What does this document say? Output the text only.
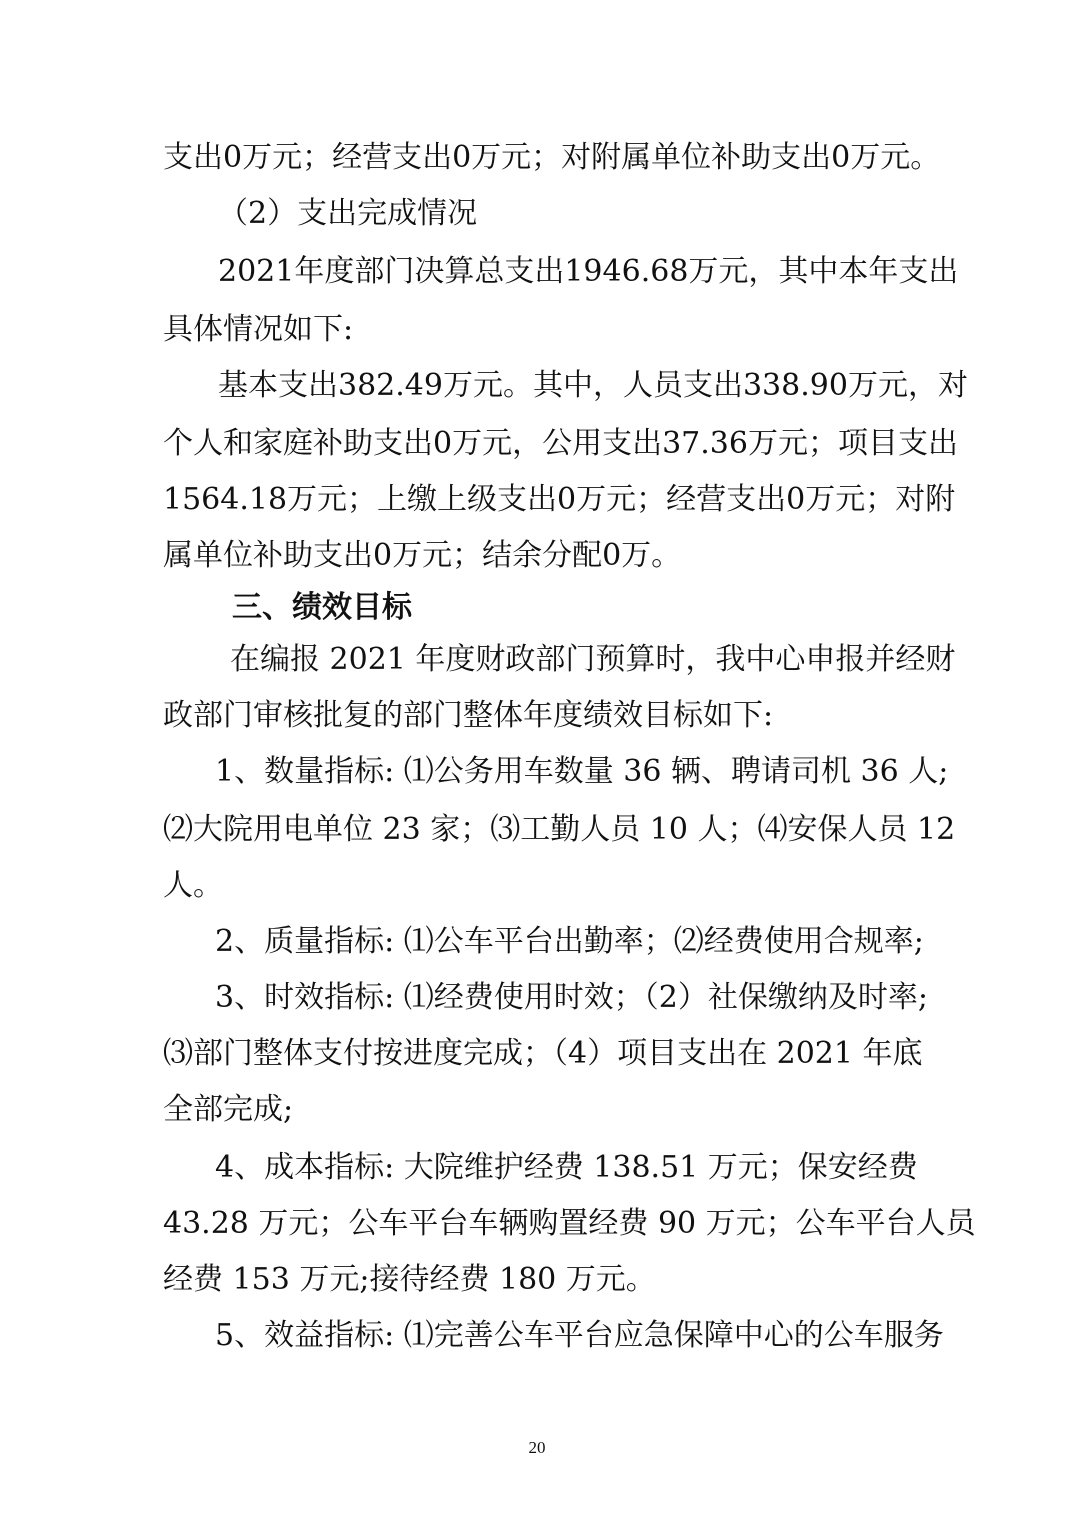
支出0万元；经营支出0万元；对附属单位补助支出0万元。
（2）支出完成情况
2021年度部门决算总支出1946.68万元，其中本年支出
具体情况如下:
基本支出382.49万元。其中，人员支出338.90万元，对
个人和家庭补助支出0万元，公用支出37.36万元；项目支出
1564.18万元；上缴上级支出0万元；经营支出0万元；对附
属单位补助支出0万元；结余分配0万。
三、绩效目标
在编报 2021 年度财政部门预算时，我中心申报并经财
政部门审核批复的部门整体年度绩效目标如下:
1、数量指标: ⑴公务用车数量 36 辆、聘请司机 36 人;
⑵大院用电单位 23 家；⑶工勤人员 10 人；⑷安保人员 12
人。
2、质量指标: ⑴公车平台出勤率；⑵经费使用合规率;
3、时效指标: ⑴经费使用时效；（2）社保缴纳及时率;
⑶部门整体支付按进度完成；（4）项目支出在 2021 年底
全部完成;
4、成本指标: 大院维护经费 138.51 万元；保安经费
43.28 万元；公车平台车辆购置经费 90 万元；公车平台人员
经费 153 万元;接待经费 180 万元。
5、效益指标: ⑴完善公车平台应急保障中心的公车服务
20
